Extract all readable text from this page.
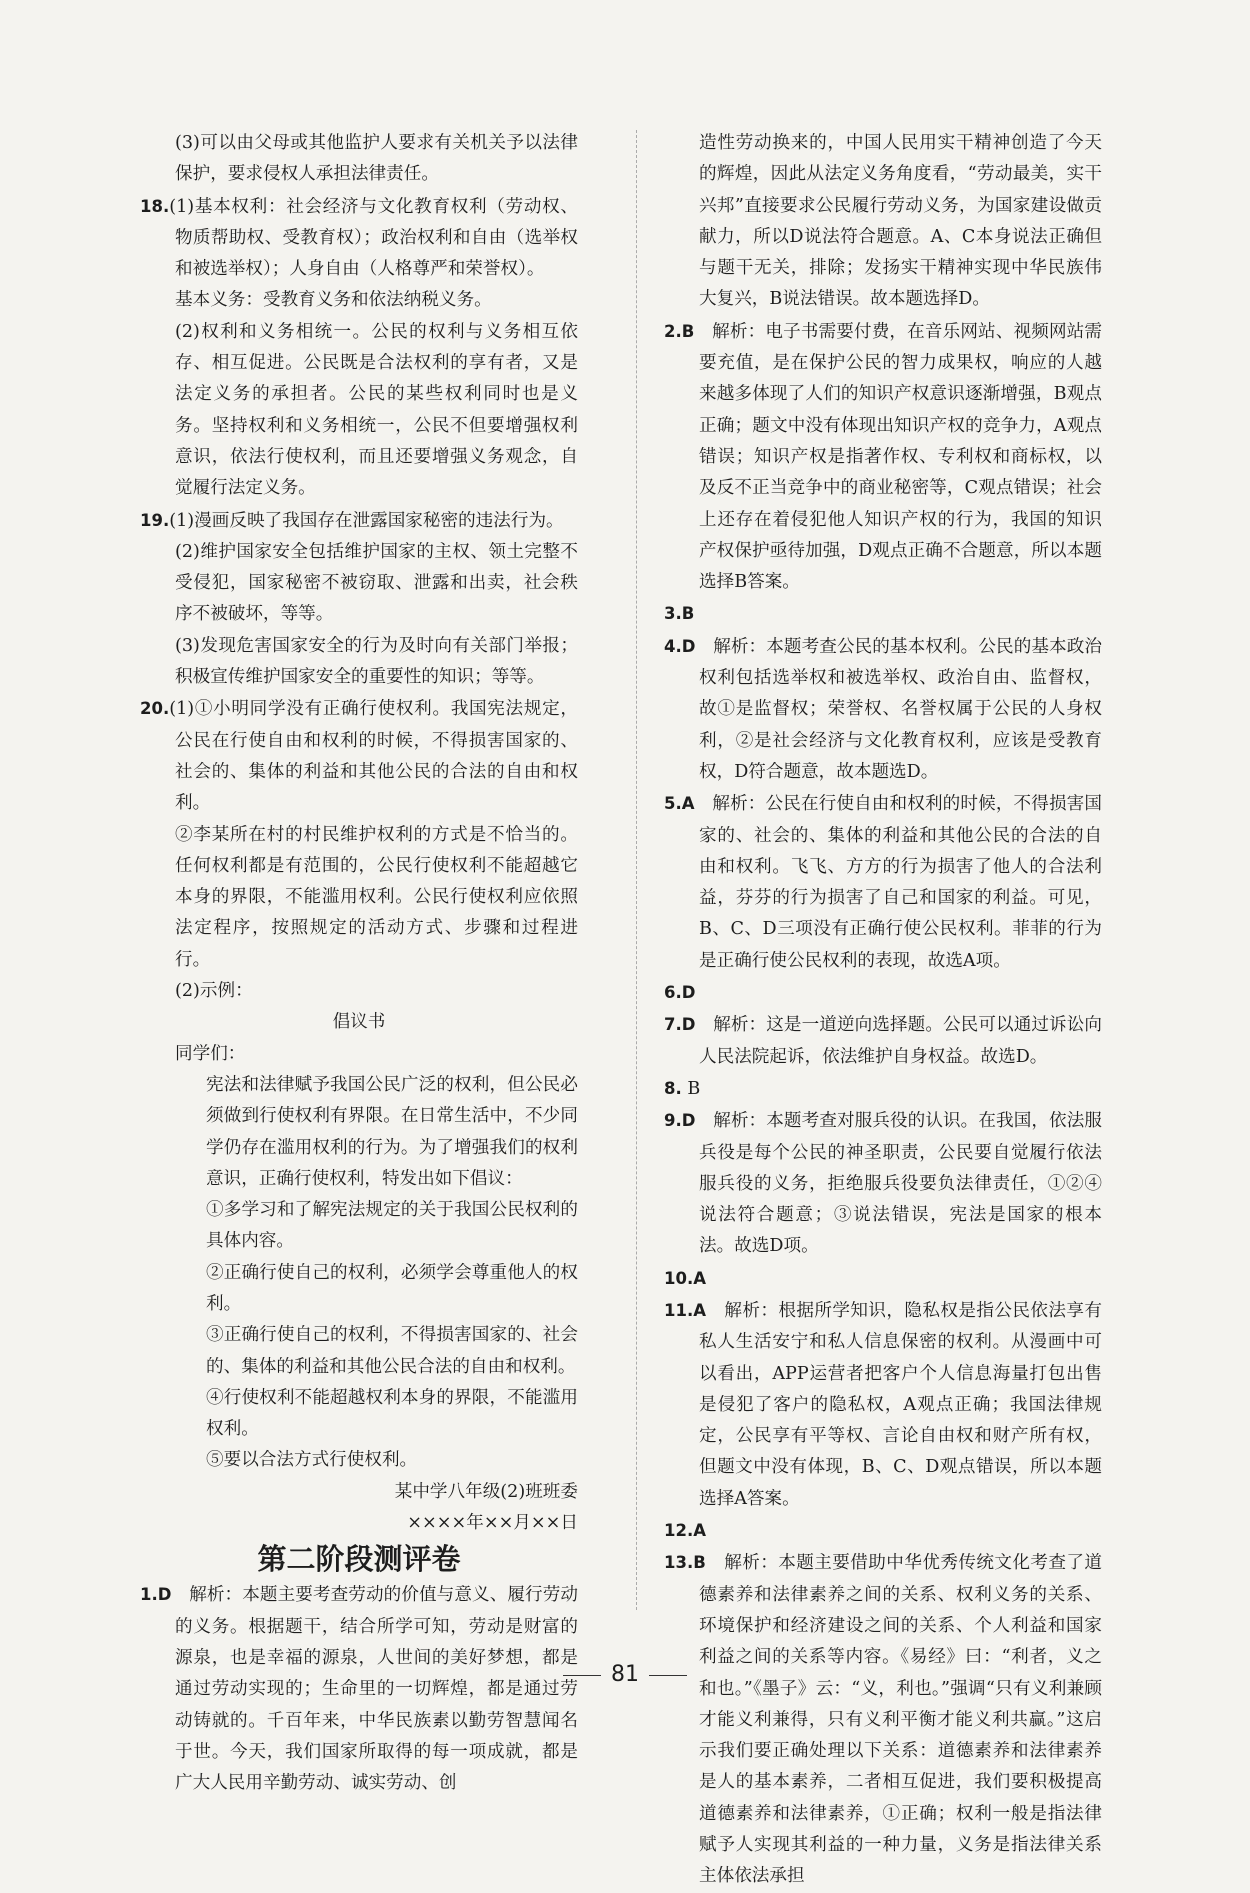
(3)可以由父母或其他监护人要求有关机关予以法律保护，要求侵权人承担法律责任。

18.(1)基本权利：社会经济与文化教育权利（劳动权、物质帮助权、受教育权）；政治权利和自由（选举权和被选举权）；人身自由（人格尊严和荣誉权）。

基本义务：受教育义务和依法纳税义务。

(2)权利和义务相统一。公民的权利与义务相互依存、相互促进。公民既是合法权利的享有者，又是法定义务的承担者。公民的某些权利同时也是义务。坚持权利和义务相统一，公民不但要增强权利意识，依法行使权利，而且还要增强义务观念，自觉履行法定义务。

19.(1)漫画反映了我国存在泄露国家秘密的违法行为。

(2)维护国家安全包括维护国家的主权、领土完整不受侵犯，国家秘密不被窃取、泄露和出卖，社会秩序不被破坏，等等。

(3)发现危害国家安全的行为及时向有关部门举报；积极宣传维护国家安全的重要性的知识；等等。

20.(1)①小明同学没有正确行使权利。我国宪法规定，公民在行使自由和权利的时候，不得损害国家的、社会的、集体的利益和其他公民的合法的自由和权利。

②李某所在村的村民维护权利的方式是不恰当的。任何权利都是有范围的，公民行使权利不能超越它本身的界限，不能滥用权利。公民行使权利应依照法定程序，按照规定的活动方式、步骤和过程进行。

(2)示例：

倡议书

同学们：

宪法和法律赋予我国公民广泛的权利，但公民必须做到行使权利有界限。在日常生活中，不少同学仍存在滥用权利的行为。为了增强我们的权利意识，正确行使权利，特发出如下倡议：

①多学习和了解宪法规定的关于我国公民权利的具体内容。

②正确行使自己的权利，必须学会尊重他人的权利。

③正确行使自己的权利，不得损害国家的、社会的、集体的利益和其他公民合法的自由和权利。

④行使权利不能超越权利本身的界限，不能滥用权利。

⑤要以合法方式行使权利。

某中学八年级(2)班班委

××××年××月××日

第二阶段测评卷

1.D　解析：本题主要考查劳动的价值与意义、履行劳动的义务。根据题干，结合所学可知，劳动是财富的源泉，也是幸福的源泉，人世间的美好梦想，都是通过劳动实现的；生命里的一切辉煌，都是通过劳动铸就的。千百年来，中华民族素以勤劳智慧闻名于世。今天，我们国家所取得的每一项成就，都是广大人民用辛勤劳动、诚实劳动、创

造性劳动换来的，中国人民用实干精神创造了今天的辉煌，因此从法定义务角度看，“劳动最美，实干兴邦”直接要求公民履行劳动义务，为国家建设做贡献力，所以D说法符合题意。A、C本身说法正确但与题干无关，排除；发扬实干精神实现中华民族伟大复兴，B说法错误。故本题选择D。

2.B　解析：电子书需要付费，在音乐网站、视频网站需要充值，是在保护公民的智力成果权，响应的人越来越多体现了人们的知识产权意识逐渐增强，B观点正确；题文中没有体现出知识产权的竞争力，A观点错误；知识产权是指著作权、专利权和商标权，以及反不正当竞争中的商业秘密等，C观点错误；社会上还存在着侵犯他人知识产权的行为，我国的知识产权保护亟待加强，D观点正确不合题意，所以本题选择B答案。

3.B

4.D　解析：本题考查公民的基本权利。公民的基本政治权利包括选举权和被选举权、政治自由、监督权，故①是监督权；荣誉权、名誉权属于公民的人身权利，②是社会经济与文化教育权利，应该是受教育权，D符合题意，故本题选D。

5.A　解析：公民在行使自由和权利的时候，不得损害国家的、社会的、集体的利益和其他公民的合法的自由和权利。飞飞、方方的行为损害了他人的合法利益，芬芬的行为损害了自己和国家的利益。可见，B、C、D三项没有正确行使公民权利。菲菲的行为是正确行使公民权利的表现，故选A项。

6.D

7.D　解析：这是一道逆向选择题。公民可以通过诉讼向人民法院起诉，依法维护自身权益。故选D。

8. B

9.D　解析：本题考查对服兵役的认识。在我国，依法服兵役是每个公民的神圣职责，公民要自觉履行依法服兵役的义务，拒绝服兵役要负法律责任，①②④说法符合题意；③说法错误，宪法是国家的根本法。故选D项。

10.A

11.A　解析：根据所学知识，隐私权是指公民依法享有私人生活安宁和私人信息保密的权利。从漫画中可以看出，APP运营者把客户个人信息海量打包出售是侵犯了客户的隐私权，A观点正确；我国法律规定，公民享有平等权、言论自由权和财产所有权，但题文中没有体现，B、C、D观点错误，所以本题选择A答案。

12.A

13.B　解析：本题主要借助中华优秀传统文化考查了道德素养和法律素养之间的关系、权利义务的关系、环境保护和经济建设之间的关系、个人利益和国家利益之间的关系等内容。《易经》曰：“利者，义之和也。”《墨子》云：“义，利也。”强调“只有义利兼顾才能义利兼得，只有义利平衡才能义利共赢。”这启示我们要正确处理以下关系：道德素养和法律素养是人的基本素养，二者相互促进，我们要积极提高道德素养和法律素养，①正确；权利一般是指法律赋予人实现其利益的一种力量，义务是指法律关系主体依法承担

81
